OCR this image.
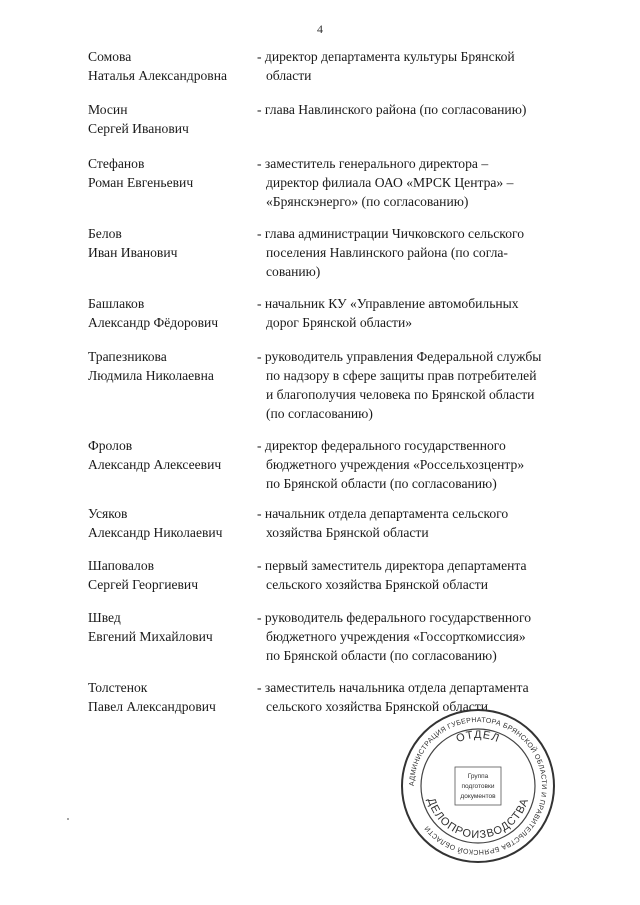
4
Сомова
Наталья Александровна
- директор департамента культуры Брянской
области
Мосин
Сергей Иванович
- глава Навлинского района (по согласованию)
Стефанов
Роман Евгеньевич
- заместитель генерального директора –
директор филиала ОАО «МРСК Центра» –
«Брянскэнерго» (по согласованию)
Белов
Иван Иванович
- глава администрации Чичковского сельского
поселения Навлинского района (по согла-
сованию)
Башлаков
Александр Фёдорович
- начальник КУ «Управление автомобильных
дорог Брянской области»
Трапезникова
Людмила Николаевна
- руководитель управления Федеральной службы
по надзору в сфере защиты прав потребителей
и благополучия человека по Брянской области
(по согласованию)
Фролов
Александр Алексеевич
- директор федерального государственного
бюджетного учреждения «Россельхозцентр»
по Брянской области (по согласованию)
Усяков
Александр Николаевич
- начальник отдела департамента сельского
хозяйства Брянской области
Шаповалов
Сергей Георгиевич
- первый заместитель директора департамента
сельского хозяйства Брянской области
Швед
Евгений Михайлович
- руководитель федерального государственного
бюджетного учреждения «Госсорткомиссия»
по Брянской области (по согласованию)
Толстенок
Павел Александрович
- заместитель начальника отдела департамента
сельского хозяйства Брянской области
АДМИНИСТРАЦИЯ ГУБЕРНАТОРА БРЯНСКОЙ ОБЛАСТИ И ПРАВИТЕЛЬСТВА БРЯНСКОЙ ОБЛАСТИ
ОТДЕЛ
ДЕЛОПРОИЗВОДСТВА
Группа
подготовки
документов
